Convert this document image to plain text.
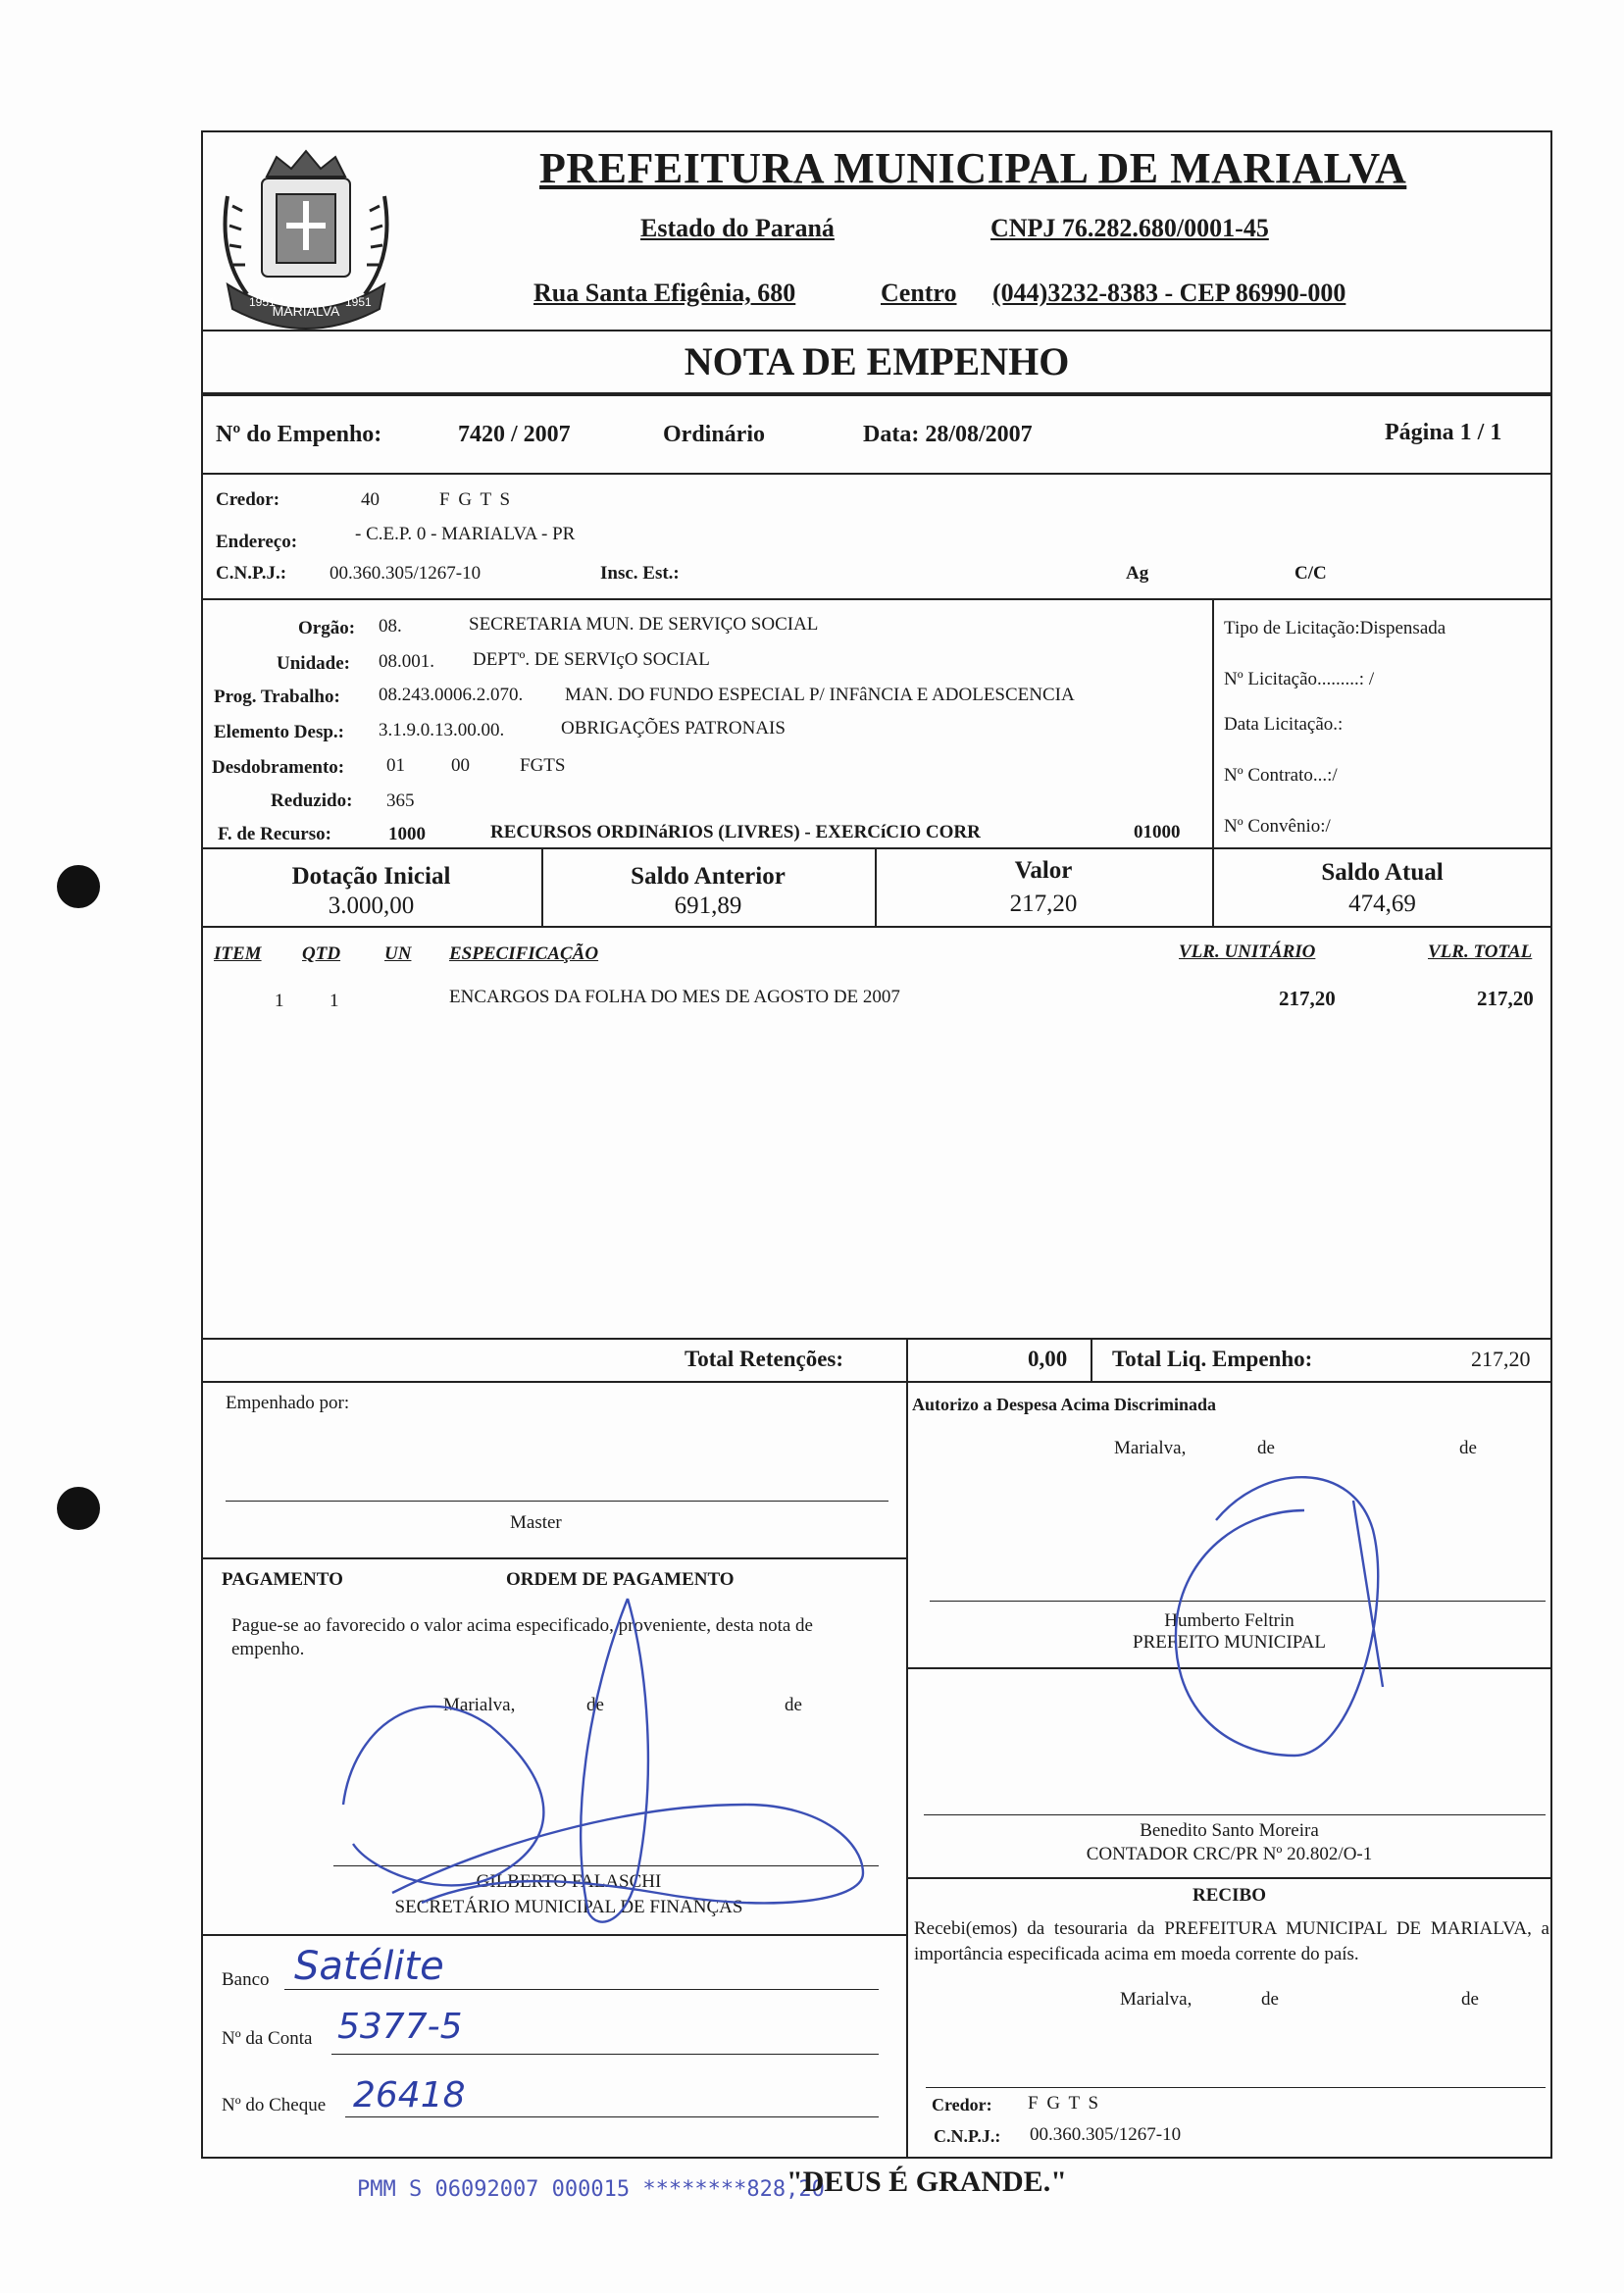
MARIALVA
1951	1951
PREFEITURA MUNICIPAL DE MARIALVA
Estado do Paraná	CNPJ 76.282.680/0001-45
Rua Santa Efigênia, 680	Centro (044)3232-8383 - CEP 86990-000
NOTA DE EMPENHO
Nº do Empenho:	7420 / 2007	Ordinário	Data: 28/08/2007	Página 1 / 1
Credor:	40	F G T S
Endereço:	- C.E.P. 0 - MARIALVA - PR
C.N.P.J.: 00.360.305/1267-10	Insc. Est.:	Ag	C/C
Orgão: 08.	SECRETARIA MUN. DE SERVIÇO SOCIAL
Unidade: 08.001. DEPTº. DE SERVIçO SOCIAL
Prog. Trabalho: 08.243.0006.2.070. MAN. DO FUNDO ESPECIAL P/ INFâNCIA E ADOLESCENCIA
Elemento Desp.: 3.1.9.0.13.00.00.	OBRIGAÇÕES PATRONAIS
Desdobramento: 01 00	FGTS
Reduzido: 365
F. de Recurso:	1000	RECURSOS ORDINáRIOS (LIVRES) - EXERCíCIO CORR	01000
Tipo de Licitação:Dispensada
Nº Licitação.........: /
Data Licitação.:
Nº Contrato...:/
Nº Convênio:/
Dotação Inicial
3.000,00
Saldo Anterior
691,89
Valor
217,20
Saldo Atual
474,69
ITEM QTD UN ESPECIFICAÇÃO	VLR. UNITÁRIO	VLR. TOTAL
1 1	ENCARGOS DA FOLHA DO MES DE AGOSTO DE 2007	217,20	217,20
Total Retenções:	0,00 Total Liq. Empenho:	217,20
Empenhado por:
Master
Autorizo a Despesa Acima Discriminada
Marialva,	de	de
Humberto Feltrin
PREFEITO MUNICIPAL
Benedito Santo Moreira
CONTADOR CRC/PR Nº 20.802/O-1
PAGAMENTO	ORDEM DE PAGAMENTO
Pague-se ao favorecido o valor acima especificado, proveniente, desta nota de empenho.
Marialva,	de	de
GILBERTO FALASCHI
SECRETÁRIO MUNICIPAL DE FINANÇAS
Banco Satélite
Nº da Conta 5377-5
Nº do Cheque 26418
RECIBO
Recebi(emos) da tesouraria da PREFEITURA MUNICIPAL DE MARIALVA, a importância especificada acima em moeda corrente do país.
Marialva,	de	de
Credor: F G T S
C.N.P.J.: 00.360.305/1267-10
PMM S 06092007 000015 ********828,20
"DEUS É GRANDE."
